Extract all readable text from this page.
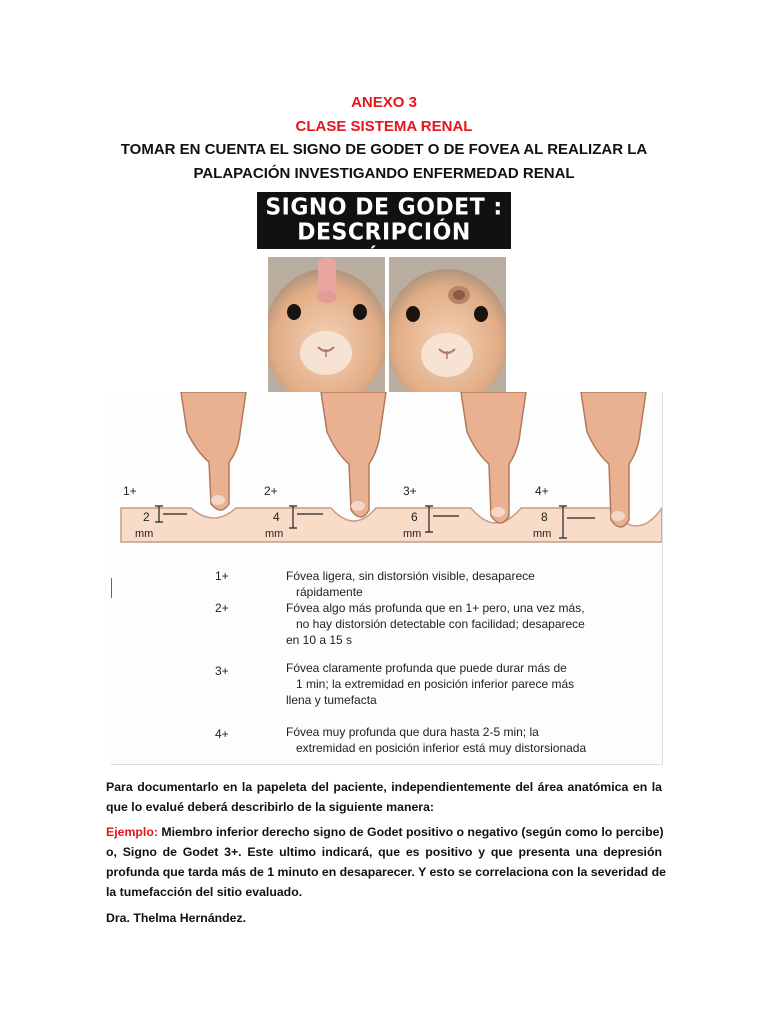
ANEXO 3
CLASE SISTEMA RENAL
TOMAR EN CUENTA EL SIGNO DE GODET O DE FOVEA AL REALIZAR LA
PALAPACIÓN INVESTIGANDO ENFERMEDAD RENAL
SIGNO DE GODET :
DESCRIPCIÓN
1+	2+	3+	4+
2
mm
4
mm
6
mm
8
mm
1+	Fóvea ligera, sin distorsión visible, desaparece
rápidamente
2+	Fóvea algo más profunda que en 1+ pero, una vez más,
no hay distorsión detectable con facilidad; desaparece
en 10 a 15 s
3+	Fóvea claramente profunda que puede durar más de
1 min; la extremidad en posición inferior parece más
llena y tumefacta
4+	Fóvea muy profunda que dura hasta 2-5 min; la
extremidad en posición inferior está muy distorsionada
Para documentarlo en la papeleta del paciente, independientemente del área anatómica en la
que lo evalué deberá describirlo de la siguiente manera:
Ejemplo: Miembro inferior derecho signo de Godet positivo o negativo (según como lo percibe)
o, Signo de Godet 3+. Este ultimo indicará, que es positivo y que presenta una depresión
profunda que tarda más de 1 minuto en desaparecer. Y esto se correlaciona con la severidad de
la tumefacción del sitio evaluado.
Dra. Thelma Hernández.
